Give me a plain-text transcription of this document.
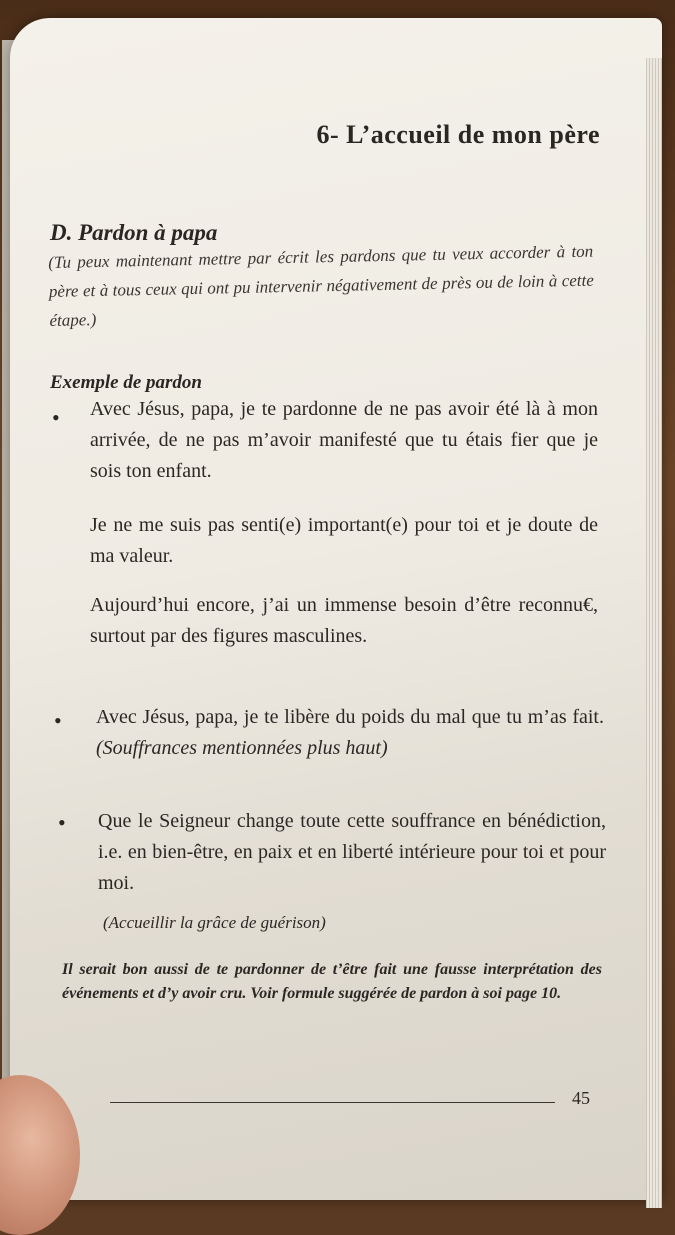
6- L’accueil de mon père
D. Pardon à papa
(Tu peux maintenant mettre par écrit les pardons que tu veux accorder à ton père et à tous ceux qui ont pu intervenir négativement de près ou de loin à cette étape.)
Exemple de pardon
• Avec Jésus, papa, je te pardonne de ne pas avoir été là à mon arrivée, de ne pas m’avoir manifesté que tu étais fier que je sois ton enfant.
Je ne me suis pas senti(e) important(e) pour toi et je doute de ma valeur.
Aujourd’hui encore, j’ai un immense besoin d’être reconnu€, surtout par des figures masculines.
• Avec Jésus, papa, je te libère du poids du mal que tu m’as fait. (Souffrances mentionnées plus haut)
• Que le Seigneur change toute cette souffrance en bénédiction, i.e. en bien-être, en paix et en liberté intérieure pour toi et pour moi.
(Accueillir la grâce de guérison)
Il serait bon aussi de te pardonner de t’être fait une fausse interprétation des événements et d’y avoir cru. Voir formule suggérée de pardon à soi page 10.
45
